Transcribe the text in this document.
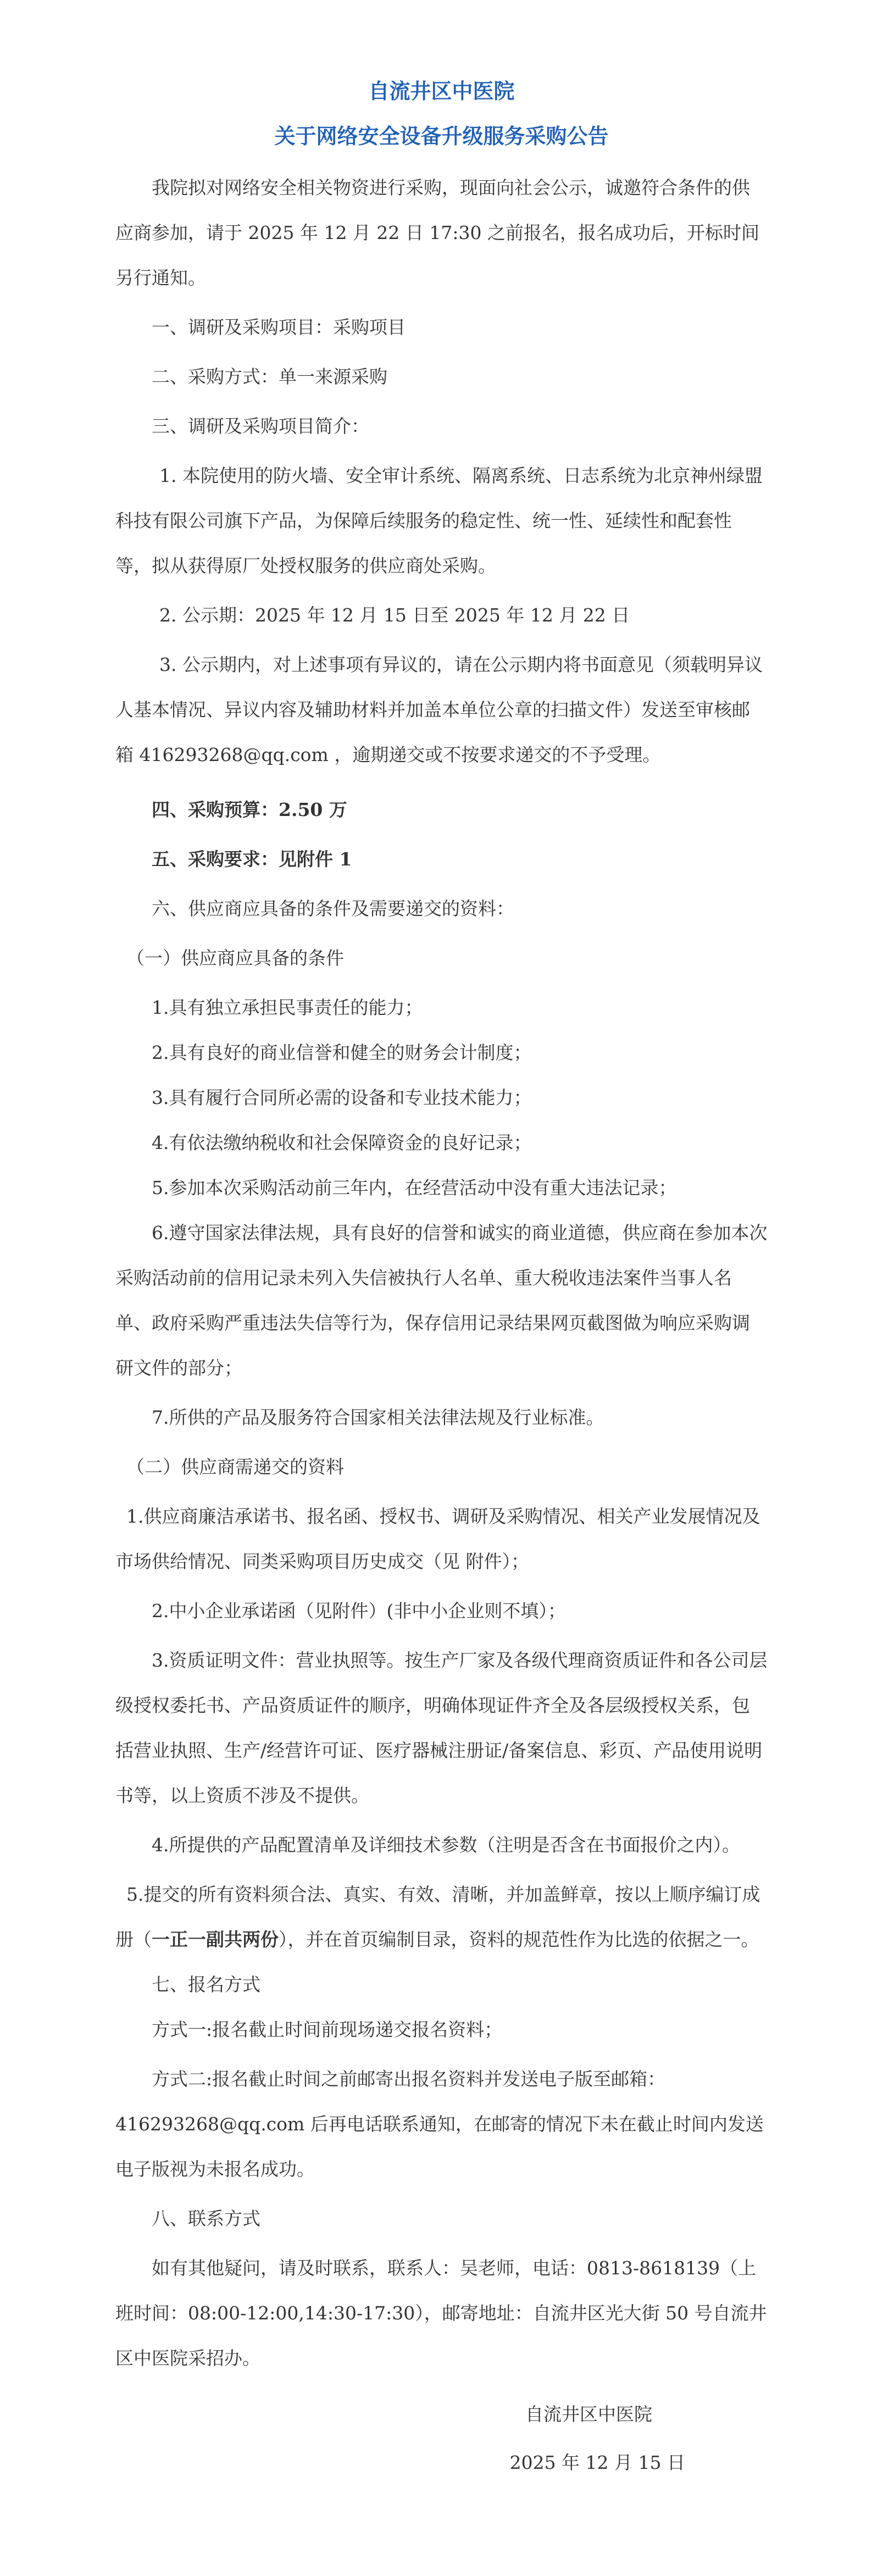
自流井区中医院
关于网络安全设备升级服务采购公告

我院拟对网络安全相关物资进行采购，现面向社会公示，诚邀符合条件的供应商参加，请于 2025 年 12 月 22 日 17:30 之前报名，报名成功后，开标时间另行通知。

一、调研及采购项目：采购项目

二、采购方式：单一来源采购

三、调研及采购项目简介：

1. 本院使用的防火墙、安全审计系统、隔离系统、日志系统为北京神州绿盟科技有限公司旗下产品，为保障后续服务的稳定性、统一性、延续性和配套性等，拟从获得原厂处授权服务的供应商处采购。

2. 公示期：2025 年 12 月 15 日至 2025 年 12 月 22 日

3. 公示期内，对上述事项有异议的，请在公示期内将书面意见（须载明异议人基本情况、异议内容及辅助材料并加盖本单位公章的扫描文件）发送至审核邮箱 416293268@qq.com ，逾期递交或不按要求递交的不予受理。

四、采购预算：2.50 万

五、采购要求：见附件 1

六、供应商应具备的条件及需要递交的资料：

（一）供应商应具备的条件

1.具有独立承担民事责任的能力；

2.具有良好的商业信誉和健全的财务会计制度；

3.具有履行合同所必需的设备和专业技术能力；

4.有依法缴纳税收和社会保障资金的良好记录；

5.参加本次采购活动前三年内，在经营活动中没有重大违法记录；

6.遵守国家法律法规，具有良好的信誉和诚实的商业道德，供应商在参加本次采购活动前的信用记录未列入失信被执行人名单、重大税收违法案件当事人名单、政府采购严重违法失信等行为，保存信用记录结果网页截图做为响应采购调研文件的部分；

7.所供的产品及服务符合国家相关法律法规及行业标准。

（二）供应商需递交的资料

1.供应商廉洁承诺书、报名函、授权书、调研及采购情况、相关产业发展情况及市场供给情况、同类采购项目历史成交（见 附件）；

2.中小企业承诺函（见附件）(非中小企业则不填）；

3.资质证明文件：营业执照等。按生产厂家及各级代理商资质证件和各公司层级授权委托书、产品资质证件的顺序，明确体现证件齐全及各层级授权关系，包括营业执照、生产/经营许可证、医疗器械注册证/备案信息、彩页、产品使用说明书等，以上资质不涉及不提供。

4.所提供的产品配置清单及详细技术参数（注明是否含在书面报价之内）。

5.提交的所有资料须合法、真实、有效、清晰，并加盖鲜章，按以上顺序编订成册（一正一副共两份），并在首页编制目录，资料的规范性作为比选的依据之一。

七、报名方式

方式一:报名截止时间前现场递交报名资料；

方式二:报名截止时间之前邮寄出报名资料并发送电子版至邮箱：

416293268@qq.com 后再电话联系通知，在邮寄的情况下未在截止时间内发送电子版视为未报名成功。

八、联系方式

如有其他疑问，请及时联系，联系人：吴老师，电话：0813-8618139（上班时间：08:00-12:00,14:30-17:30），邮寄地址：自流井区光大街 50 号自流井区中医院采招办。

自流井区中医院

2025 年 12 月 15 日
